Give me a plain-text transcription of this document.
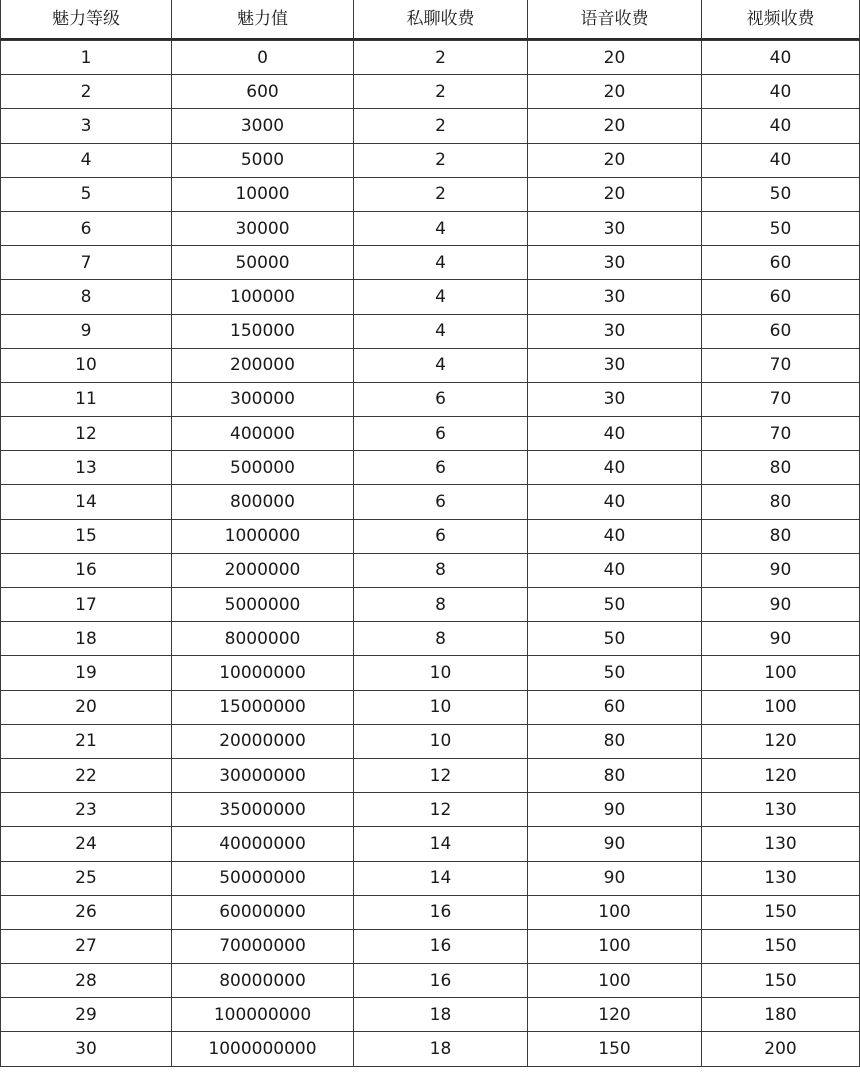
魅力等级	魅力值	私聊收费	语音收费	视频收费
1	0	2	20	40
2	600	2	20	40
3	3000	2	20	40
4	5000	2	20	40
5	10000	2	20	50
6	30000	4	30	50
7	50000	4	30	60
8	100000	4	30	60
9	150000	4	30	60
10	200000	4	30	70
11	300000	6	30	70
12	400000	6	40	70
13	500000	6	40	80
14	800000	6	40	80
15	1000000	6	40	80
16	2000000	8	40	90
17	5000000	8	50	90
18	8000000	8	50	90
19	10000000	10	50	100
20	15000000	10	60	100
21	20000000	10	80	120
22	30000000	12	80	120
23	35000000	12	90	130
24	40000000	14	90	130
25	50000000	14	90	130
26	60000000	16	100	150
27	70000000	16	100	150
28	80000000	16	100	150
29	100000000	18	120	180
30	1000000000	18	150	200
